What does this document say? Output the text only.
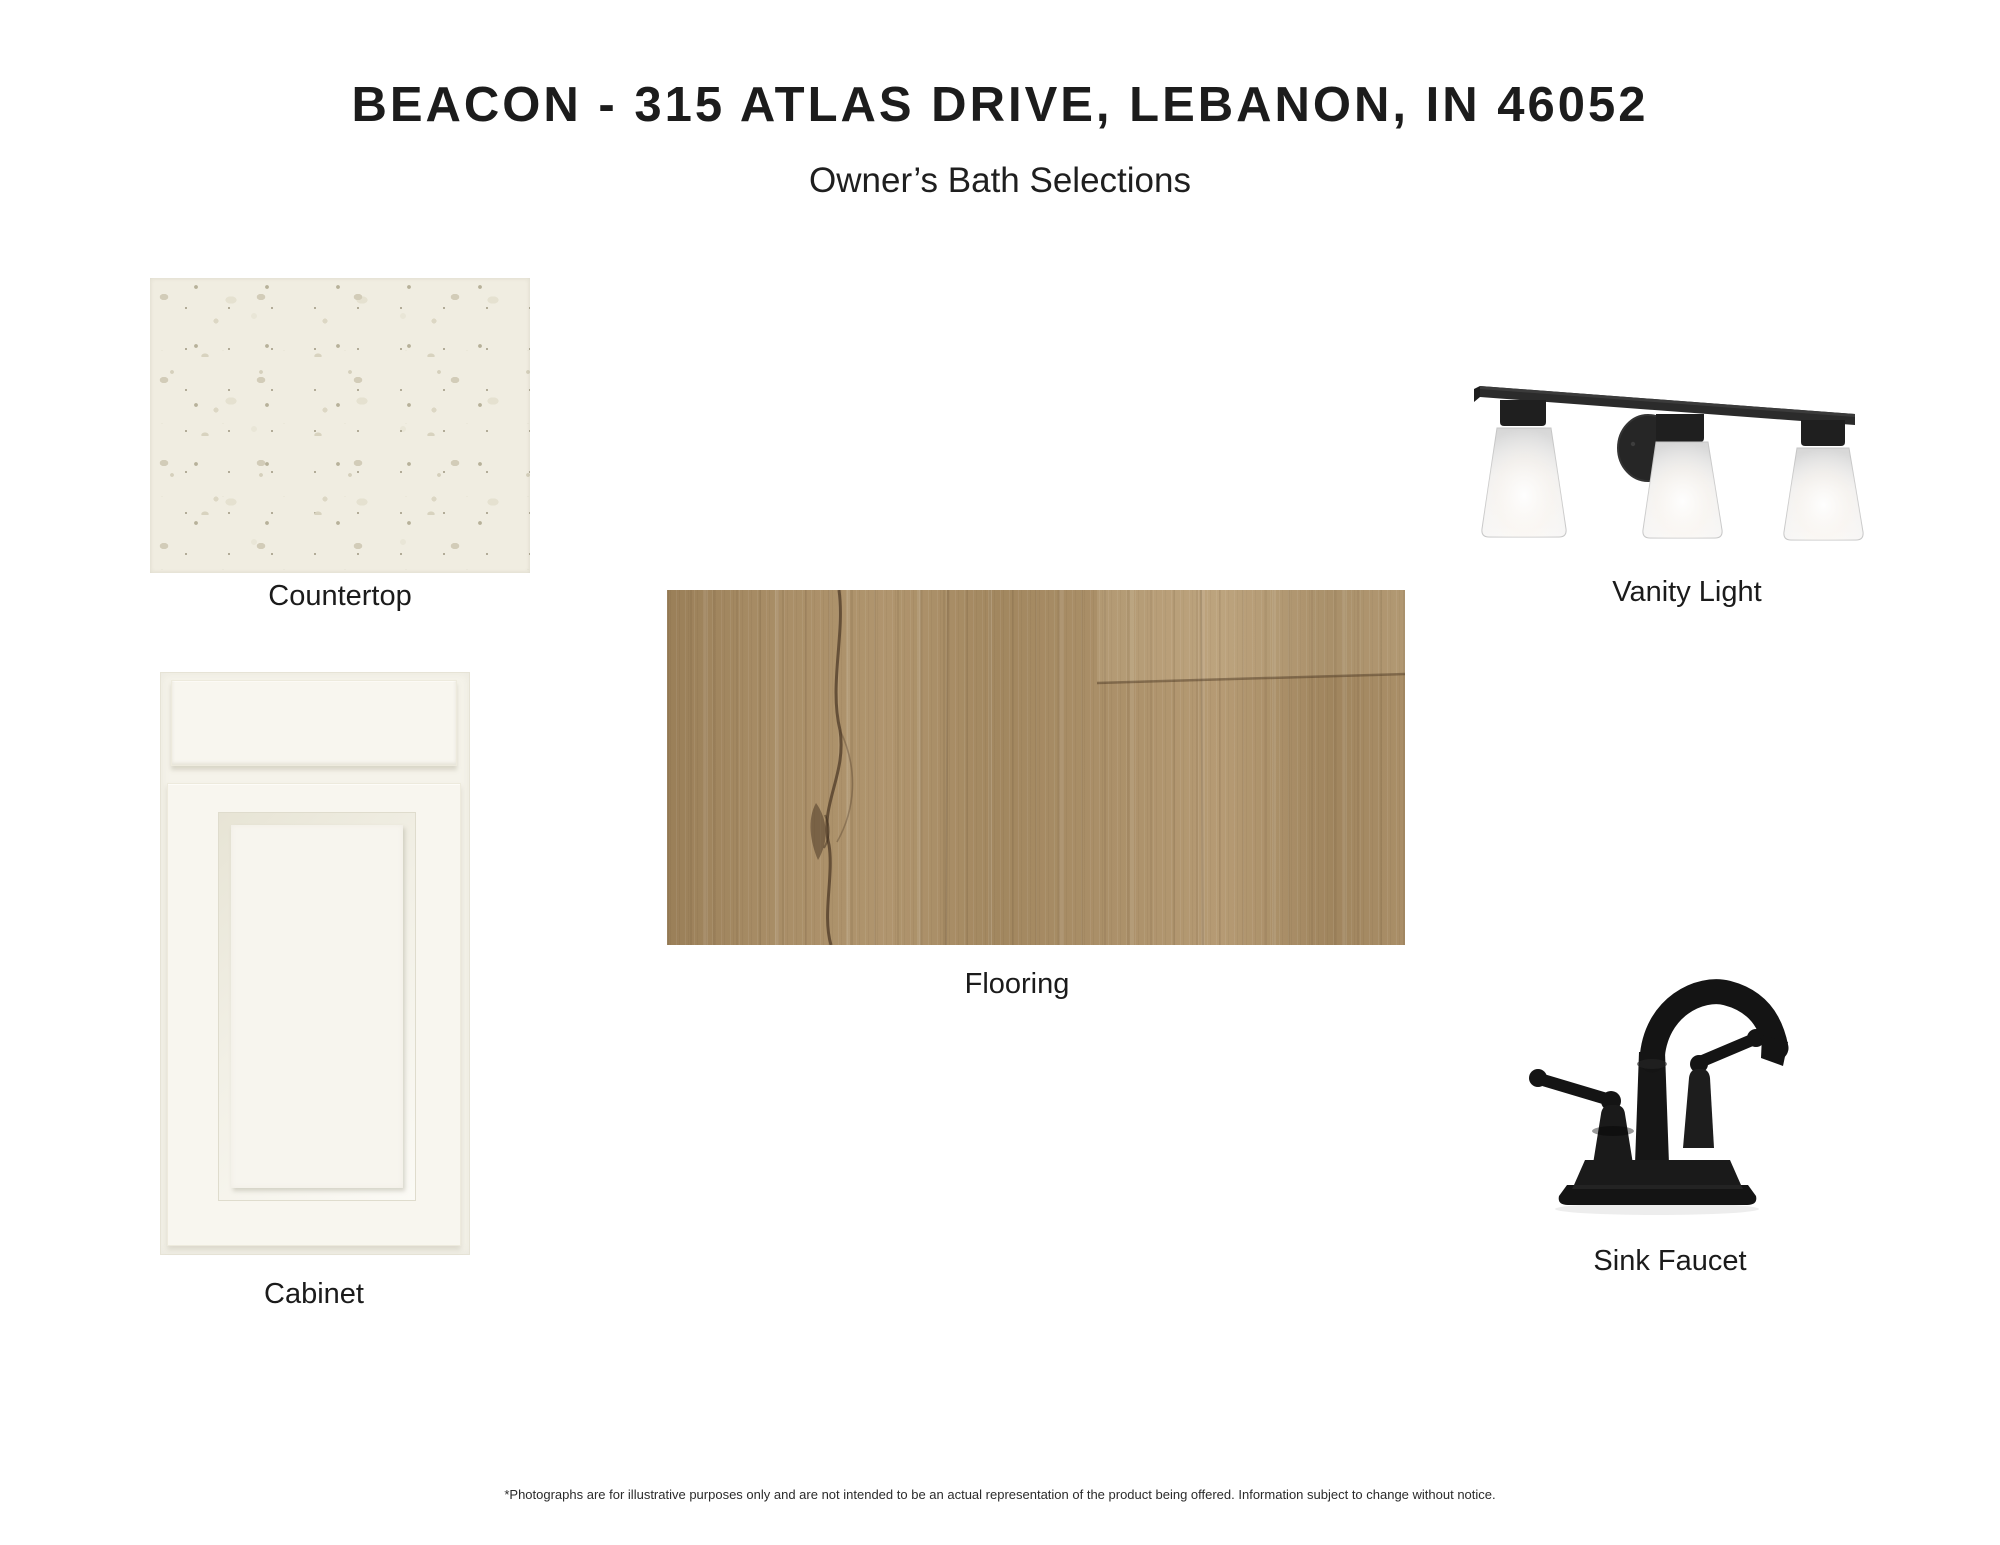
BEACON - 315 ATLAS DRIVE, LEBANON, IN 46052
Owner’s Bath Selections
Countertop
Cabinet
Flooring
Vanity Light
Sink Faucet
*Photographs are for illustrative purposes only and are not intended to be an actual representation of the product being offered. Information subject to change without notice.
